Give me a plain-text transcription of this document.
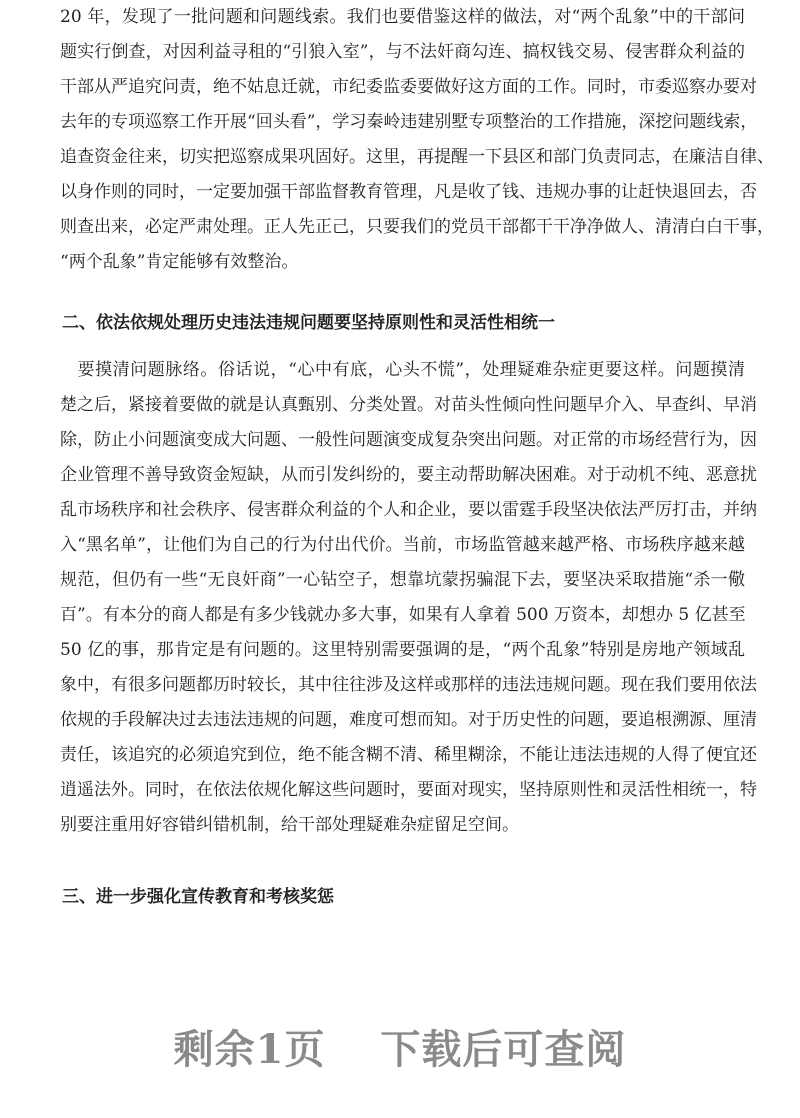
20 年，发现了一批问题和问题线索。我们也要借鉴这样的做法，对“两个乱象”中的干部问
题实行倒查，对因利益寻租的“引狼入室”，与不法奸商勾连、搞权钱交易、侵害群众利益的
干部从严追究问责，绝不姑息迁就，市纪委监委要做好这方面的工作。同时，市委巡察办要对
去年的专项巡察工作开展“回头看”，学习秦岭违建别墅专项整治的工作措施，深挖问题线索，
追查资金往来，切实把巡察成果巩固好。这里，再提醒一下县区和部门负责同志，在廉洁自律、
以身作则的同时，一定要加强干部监督教育管理，凡是收了钱、违规办事的让赶快退回去，否
则查出来，必定严肃处理。正人先正己，只要我们的党员干部都干干净净做人、清清白白干事，
“两个乱象”肯定能够有效整治。
二、依法依规处理历史违法违规问题要坚持原则性和灵活性相统一
　要摸清问题脉络。俗话说，“心中有底，心头不慌”，处理疑难杂症更要这样。问题摸清
楚之后，紧接着要做的就是认真甄别、分类处置。对苗头性倾向性问题早介入、早查纠、早消
除，防止小问题演变成大问题、一般性问题演变成复杂突出问题。对正常的市场经营行为，因
企业管理不善导致资金短缺，从而引发纠纷的，要主动帮助解决困难。对于动机不纯、恶意扰
乱市场秩序和社会秩序、侵害群众利益的个人和企业，要以雷霆手段坚决依法严厉打击，并纳
入“黑名单”，让他们为自己的行为付出代价。当前，市场监管越来越严格、市场秩序越来越
规范，但仍有一些“无良奸商”一心钻空子，想靠坑蒙拐骗混下去，要坚决采取措施“杀一儆
百”。有本分的商人都是有多少钱就办多大事，如果有人拿着 500 万资本，却想办 5 亿甚至
50 亿的事，那肯定是有问题的。这里特别需要强调的是，“两个乱象”特别是房地产领域乱
象中，有很多问题都历时较长，其中往往涉及这样或那样的违法违规问题。现在我们要用依法
依规的手段解决过去违法违规的问题，难度可想而知。对于历史性的问题，要追根溯源、厘清
责任，该追究的必须追究到位，绝不能含糊不清、稀里糊涂，不能让违法违规的人得了便宜还
逍遥法外。同时，在依法依规化解这些问题时，要面对现实，坚持原则性和灵活性相统一，特
别要注重用好容错纠错机制，给干部处理疑难杂症留足空间。
三、进一步强化宣传教育和考核奖惩
剩余1页 下载后可查阅
